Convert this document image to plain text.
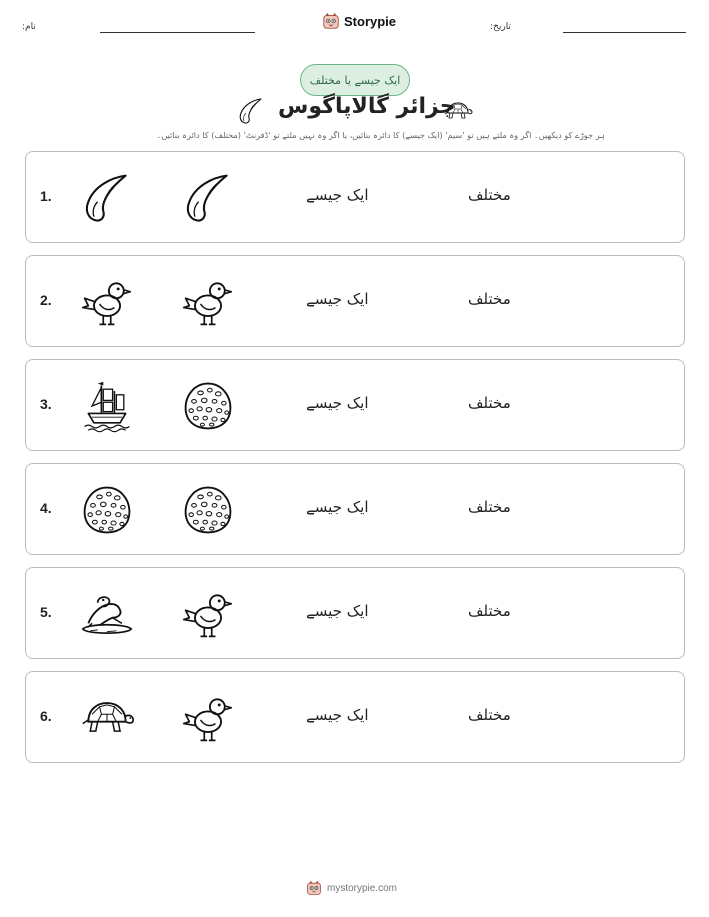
نام:	Storypie	تاریخ:
ایک جیسے یا مختلف
جزائر گالاپاگوس
ہر جوڑے کو دیکھیں۔ اگر وہ ملتے ہیں تو 'سیم' (ایک جیسے) کا دائرہ بنائیں، یا اگر وہ نہیں ملتے تو 'ڈفرنٹ' (مختلف) کا دائرہ بنائیں۔
1.	ایک جیسے	مختلف
2.	ایک جیسے	مختلف
3.	ایک جیسے	مختلف
4.	ایک جیسے	مختلف
5.	ایک جیسے	مختلف
6.	ایک جیسے	مختلف
mystorypie.com
